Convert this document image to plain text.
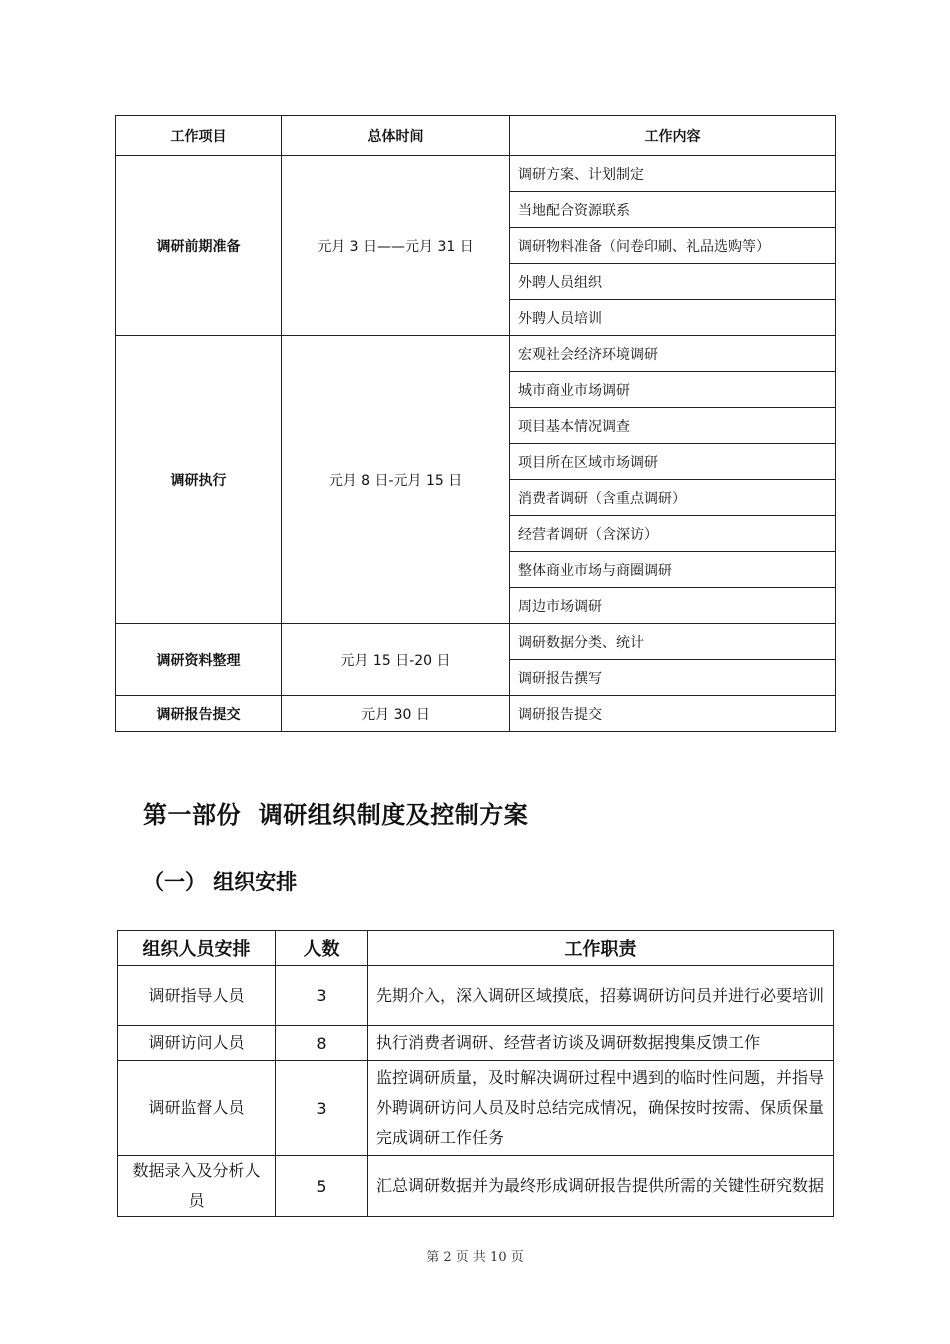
工作项目	总体时间	工作内容
调研前期准备	元月 3 日——元月 31 日	调研方案、计划制定
		当地配合资源联系
		调研物料准备（问卷印刷、礼品选购等）
		外聘人员组织
		外聘人员培训
调研执行	元月 8 日-元月 15 日	宏观社会经济环境调研
		城市商业市场调研
		项目基本情况调查
		项目所在区域市场调研
		消费者调研（含重点调研）
		经营者调研（含深访）
		整体商业市场与商圈调研
		周边市场调研
调研资料整理	元月 15 日-20 日	调研数据分类、统计
		调研报告撰写
调研报告提交	元月 30 日	调研报告提交
第一部份  调研组织制度及控制方案
（一） 组织安排
组织人员安排	人数	工作职责
调研指导人员	3	先期介入，深入调研区域摸底，招募调研访问员并进行必要培训
调研访问人员	8	执行消费者调研、经营者访谈及调研数据搜集反馈工作
调研监督人员	3	监控调研质量，及时解决调研过程中遇到的临时性问题，并指导外聘调研访问人员及时总结完成情况，确保按时按需、保质保量完成调研工作任务
数据录入及分析人员	5	汇总调研数据并为最终形成调研报告提供所需的关键性研究数据
第 2 页 共 10 页
